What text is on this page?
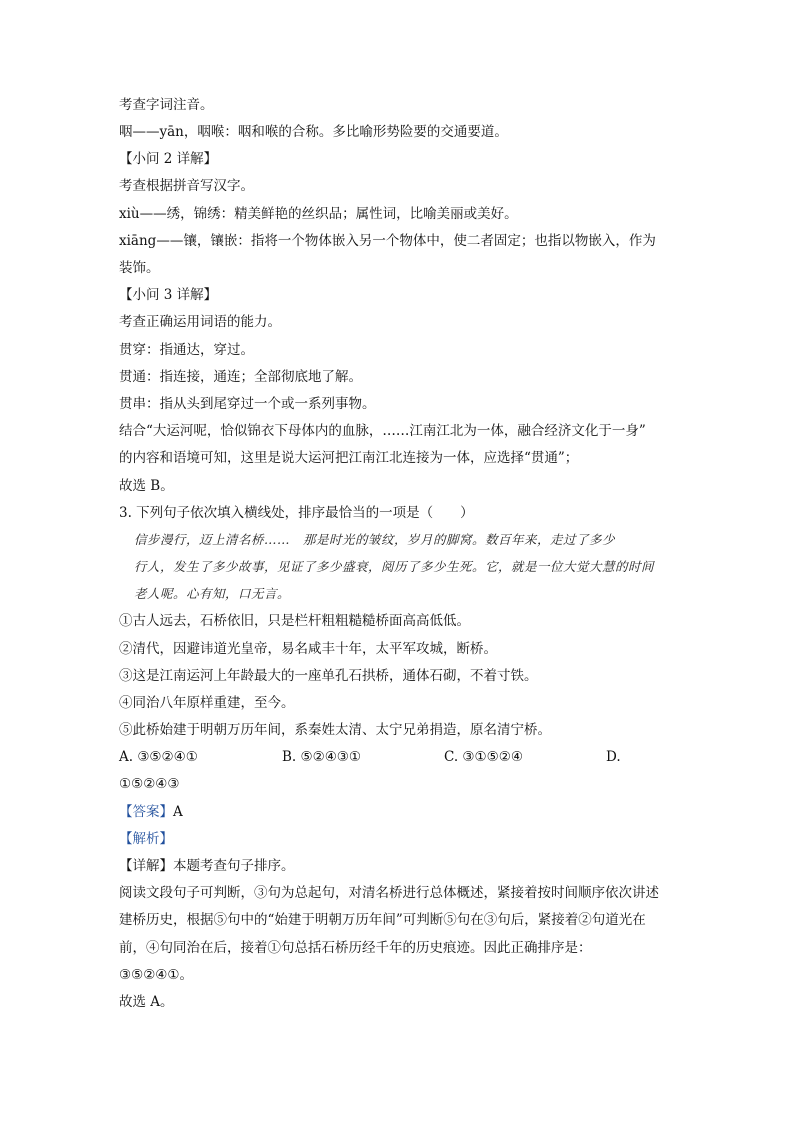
考查字词注音。
咽——yān，咽喉：咽和喉的合称。多比喻形势险要的交通要道。
【小问 2 详解】
考查根据拼音写汉字。
xiù——绣，锦绣：精美鲜艳的丝织品；属性词，比喻美丽或美好。
xiāng——镶，镶嵌：指将一个物体嵌入另一个物体中，使二者固定；也指以物嵌入，作为
装饰。
【小问 3 详解】
考查正确运用词语的能力。
贯穿：指通达，穿过。
贯通：指连接，通连；全部彻底地了解。
贯串：指从头到尾穿过一个或一系列事物。
结合“大运河呢，恰似锦衣下母体内的血脉，……江南江北为一体，融合经济文化于一身”
的内容和语境可知，这里是说大运河把江南江北连接为一体，应选择“贯通”；
故选 B。
3. 下列句子依次填入横线处，排序最恰当的一项是（　　）
信步漫行，迈上清名桥……　那是时光的皱纹，岁月的脚窝。数百年来，走过了多少
行人，发生了多少故事，见证了多少盛衰，阅历了多少生死。它，就是一位大觉大慧的时间
老人呢。心有知，口无言。
①古人远去，石桥依旧，只是栏杆粗粗糙糙桥面高高低低。
②清代，因避讳道光皇帝，易名咸丰十年，太平军攻城，断桥。
③这是江南运河上年龄最大的一座单孔石拱桥，通体石砌，不着寸铁。
④同治八年原样重建，至今。
⑤此桥始建于明朝万历年间，系秦姓太清、太宁兄弟捐造，原名清宁桥。
A. ③⑤②④①	B. ⑤②④③①	C. ③①⑤②④	D.
①⑤②④③
【答案】A
【解析】
【详解】本题考查句子排序。
阅读文段句子可判断，③句为总起句，对清名桥进行总体概述，紧接着按时间顺序依次讲述
建桥历史，根据⑤句中的“始建于明朝万历年间”可判断⑤句在③句后，紧接着②句道光在
前，④句同治在后，接着①句总括石桥历经千年的历史痕迹。因此正确排序是：
③⑤②④①。
故选 A。
